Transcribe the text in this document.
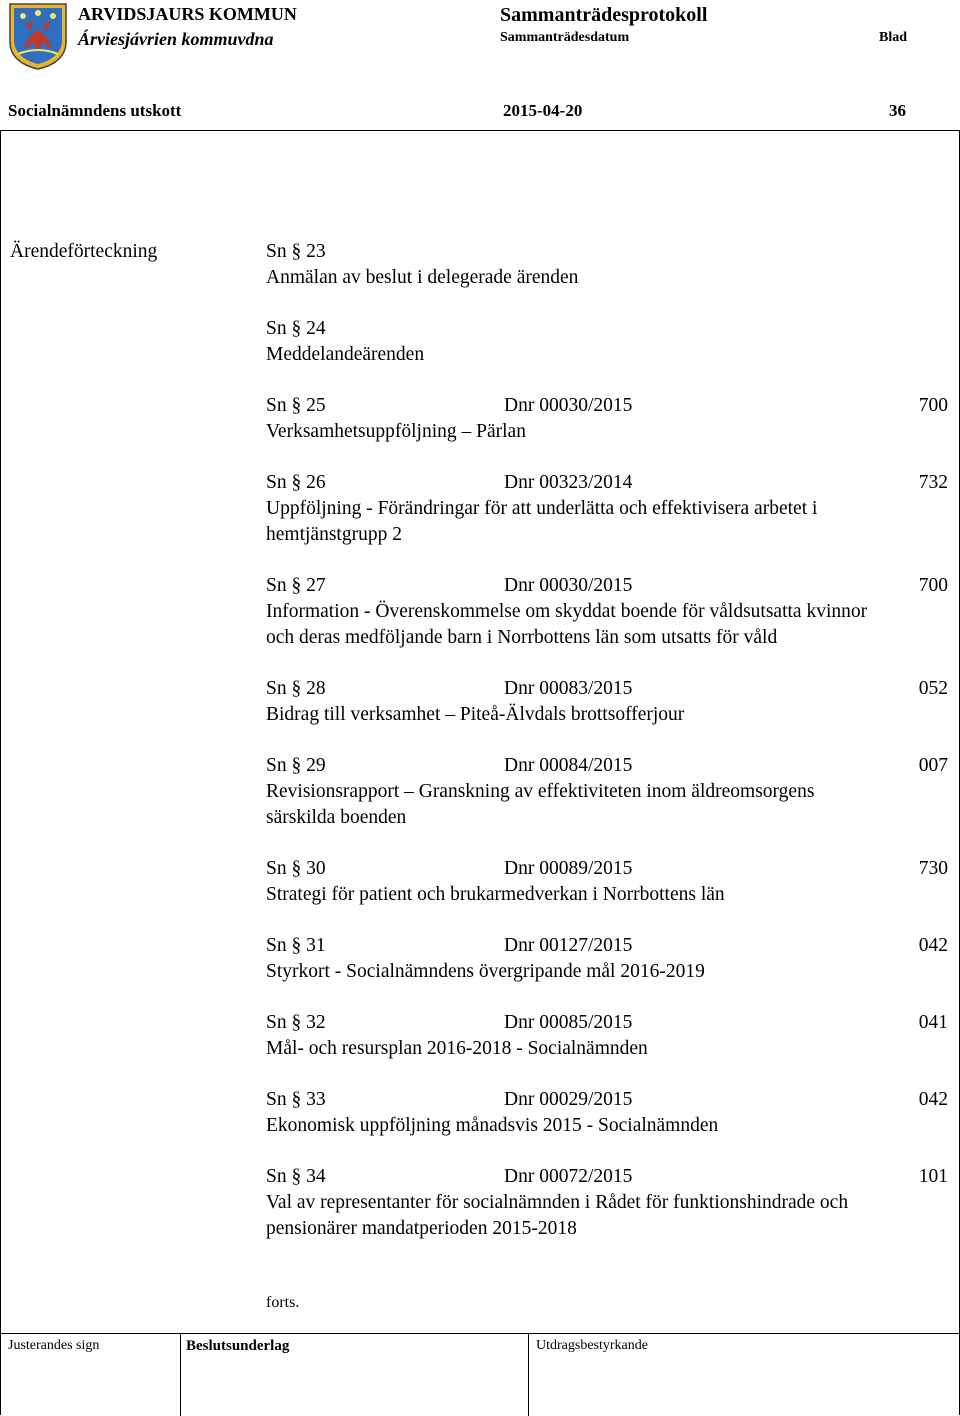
ARVIDSJAURS KOMMUN
Árviesjávrien kommuvdna
Sammanträdesprotokoll
Sammanträdesdatum	Blad
Socialnämndens utskott	2015-04-20	36
Ärendeförteckning	Sn § 23
Anmälan av beslut i delegerade ärenden
Sn § 24
Meddelandeärenden
Sn § 25	Dnr 00030/2015	700
Verksamhetsuppföljning – Pärlan
Sn § 26	Dnr 00323/2014	732
Uppföljning - Förändringar för att underlätta och effektivisera arbetet i
hemtjänstgrupp 2
Sn § 27	Dnr 00030/2015	700
Information - Överenskommelse om skyddat boende för våldsutsatta kvinnor
och deras medföljande barn i Norrbottens län som utsatts för våld
Sn § 28	Dnr 00083/2015	052
Bidrag till verksamhet – Piteå-Älvdals brottsofferjour
Sn § 29	Dnr 00084/2015	007
Revisionsrapport – Granskning av effektiviteten inom äldreomsorgens
särskilda boenden
Sn § 30	Dnr 00089/2015	730
Strategi för patient och brukarmedverkan i Norrbottens län
Sn § 31	Dnr 00127/2015	042
Styrkort - Socialnämndens övergripande mål 2016-2019
Sn § 32	Dnr 00085/2015	041
Mål- och resursplan 2016-2018 - Socialnämnden
Sn § 33	Dnr 00029/2015	042
Ekonomisk uppföljning månadsvis 2015 - Socialnämnden
Sn § 34	Dnr 00072/2015	101
Val av representanter för socialnämnden i Rådet för funktionshindrade och
pensionärer mandatperioden 2015-2018
forts.
Justerandes sign	Beslutsunderlag	Utdragsbestyrkande
